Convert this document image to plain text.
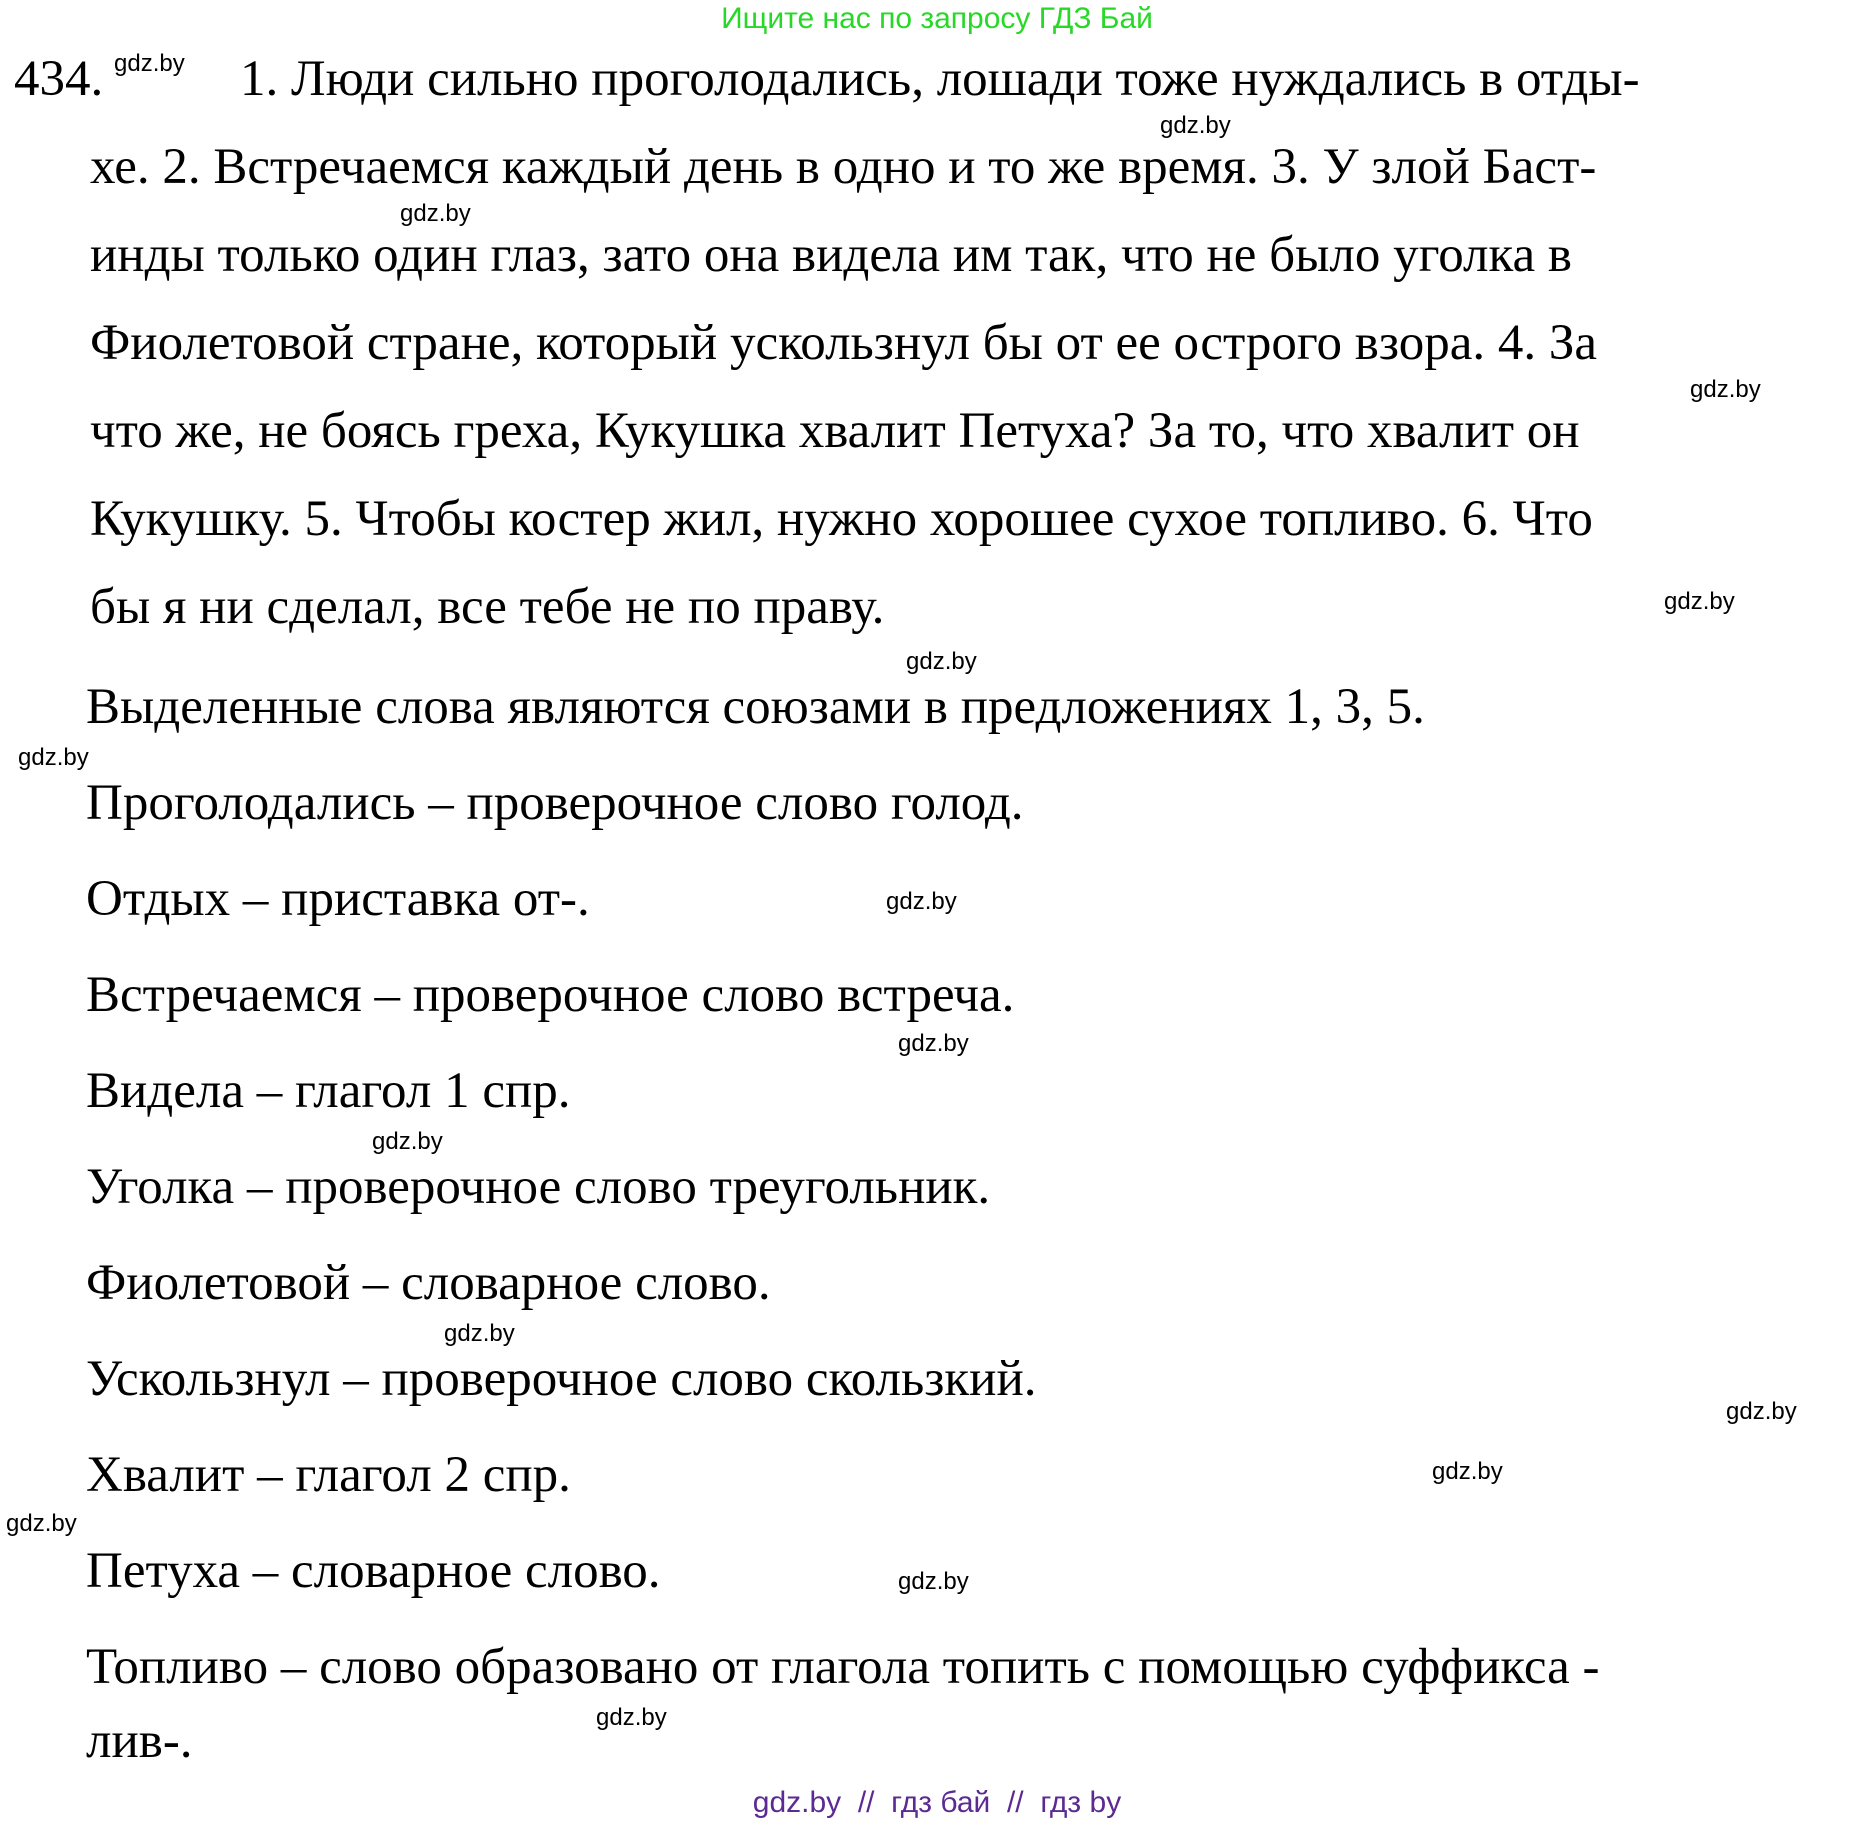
Ищите нас по запросу ГДЗ Бай
434.	1. Люди сильно проголодались, лошади тоже нуждались в отды-
хе. 2. Встречаемся каждый день в одно и то же время. 3. У злой Баст-
инды только один глаз, зато она видела им так, что не было уголка в
Фиолетовой стране, который ускользнул бы от ее острого взора. 4. За
что же, не боясь греха, Кукушка хвалит Петуха? За то, что хвалит он
Кукушку. 5. Чтобы костер жил, нужно хорошее сухое топливо. 6. Что
бы я ни сделал, все тебе не по праву.
Выделенные слова являются союзами в предложениях 1, 3, 5.
Проголодались – проверочное слово голод.
Отдых – приставка от-.
Встречаемся – проверочное слово встреча.
Видела – глагол 1 спр.
Уголка – проверочное слово треугольник.
Фиолетовой – словарное слово.
Ускользнул – проверочное слово скользкий.
Хвалит – глагол 2 спр.
Петуха – словарное слово.
Топливо – слово образовано от глагола топить с помощью суффикса -
лив-.
gdz.by
gdz.by
gdz.by
gdz.by
gdz.by
gdz.by
gdz.by
gdz.by
gdz.by
gdz.by
gdz.by
gdz.by
gdz.by
gdz.by
gdz.by
gdz.by
gdz.by  //  гдз бай  //  гдз by
